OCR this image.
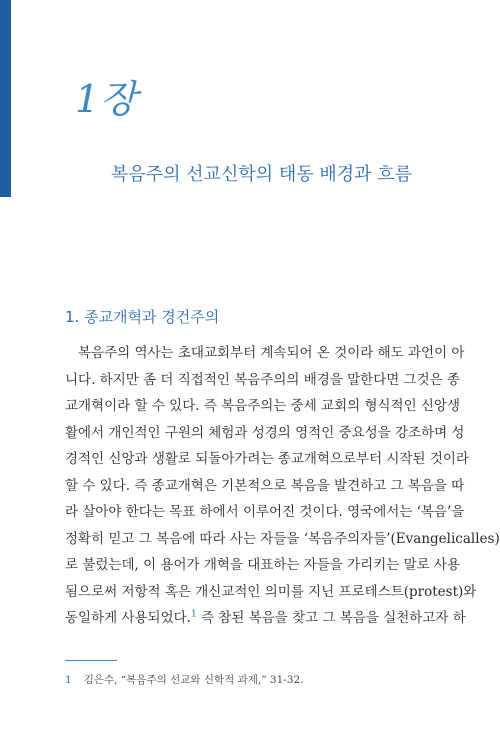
1장
복음주의 선교신학의 태동 배경과 흐름
1. 종교개혁과 경건주의
복음주의 역사는 초대교회부터 계속되어 온 것이라 해도 과언이 아
니다. 하지만 좀 더 직접적인 복음주의의 배경을 말한다면 그것은 종
교개혁이라 할 수 있다. 즉 복음주의는 중세 교회의 형식적인 신앙생
활에서 개인적인 구원의 체험과 성경의 영적인 중요성을 강조하며 성
경적인 신앙과 생활로 되돌아가려는 종교개혁으로부터 시작된 것이라
할 수 있다. 즉 종교개혁은 기본적으로 복음을 발견하고 그 복음을 따
라 살아야 한다는 목표 하에서 이루어진 것이다. 영국에서는 ‘복음’을
정확히 믿고 그 복음에 따라 사는 자들을 ‘복음주의자들’(Evangelicalles)
로 불렀는데, 이 용어가 개혁을 대표하는 자들을 가리키는 말로 사용
됨으로써 저항적 혹은 개신교적인 의미를 지닌 프로테스트(protest)와
동일하게 사용되었다.$^1$ 즉 참된 복음을 찾고 그 복음을 실천하고자 하
1 김은수, “복음주의 선교와 신학적 과제,” 31-32.
